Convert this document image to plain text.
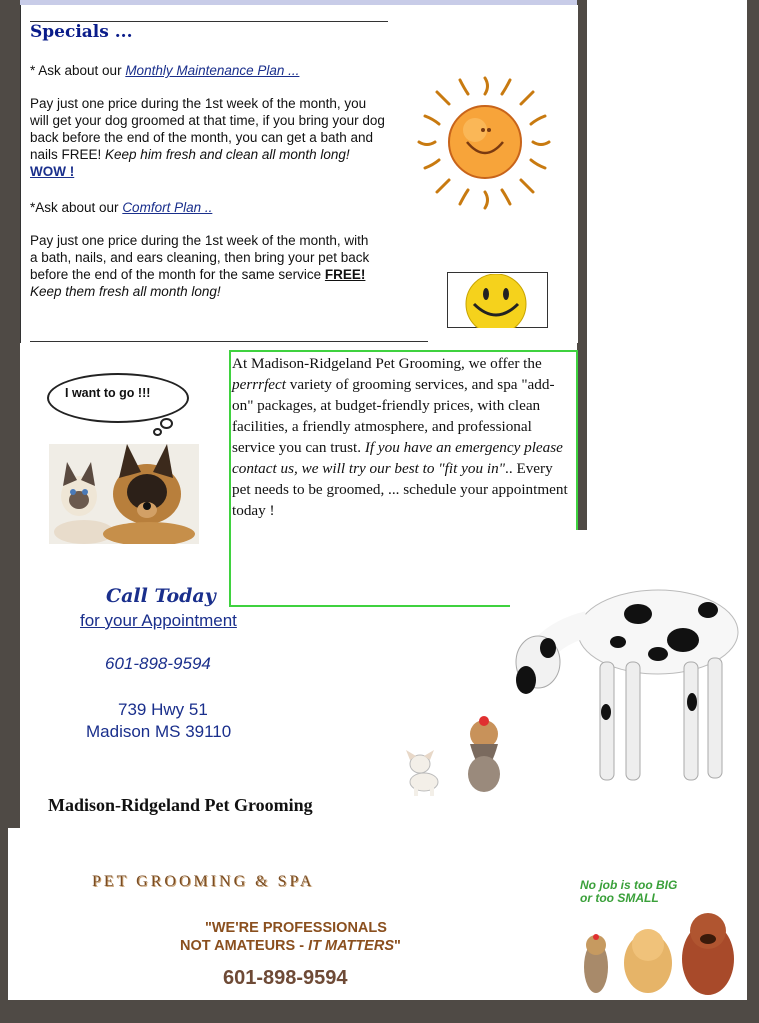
Specials ...
* Ask about our Monthly Maintenance Plan ...
Pay just one price during the 1st week of the month, you
will get your dog groomed at that time, if you bring your dog
back before the end of the month, you can get a bath and
nails FREE! Keep him fresh and clean all month long!
WOW !
*Ask about our Comfort Plan ..
Pay just one price during the 1st week of the month, with
a bath, nails, and ears cleaning, then bring your pet back
before the end of the month for the same service FREE!
Keep them fresh all month long!
I want to go !!!
At Madison-Ridgeland Pet Grooming, we offer the perrrfect variety of grooming services, and spa "add-on" packages, at budget-friendly prices, with clean facilities, a friendly atmosphere, and professional service you can trust. If you have an emergency please contact us, we will try our best to "fit you in".. Every pet needs to be groomed, ... schedule your appointment today !
Call Today
for your Appointment
601-898-9594
739 Hwy 51
Madison MS 39110
Madison-Ridgeland Pet Grooming
PET GROOMING & SPA
"WE'RE PROFESSIONALS
NOT AMATEURS - IT MATTERS"
601-898-9594
No job is too BIG
or too SMALL
